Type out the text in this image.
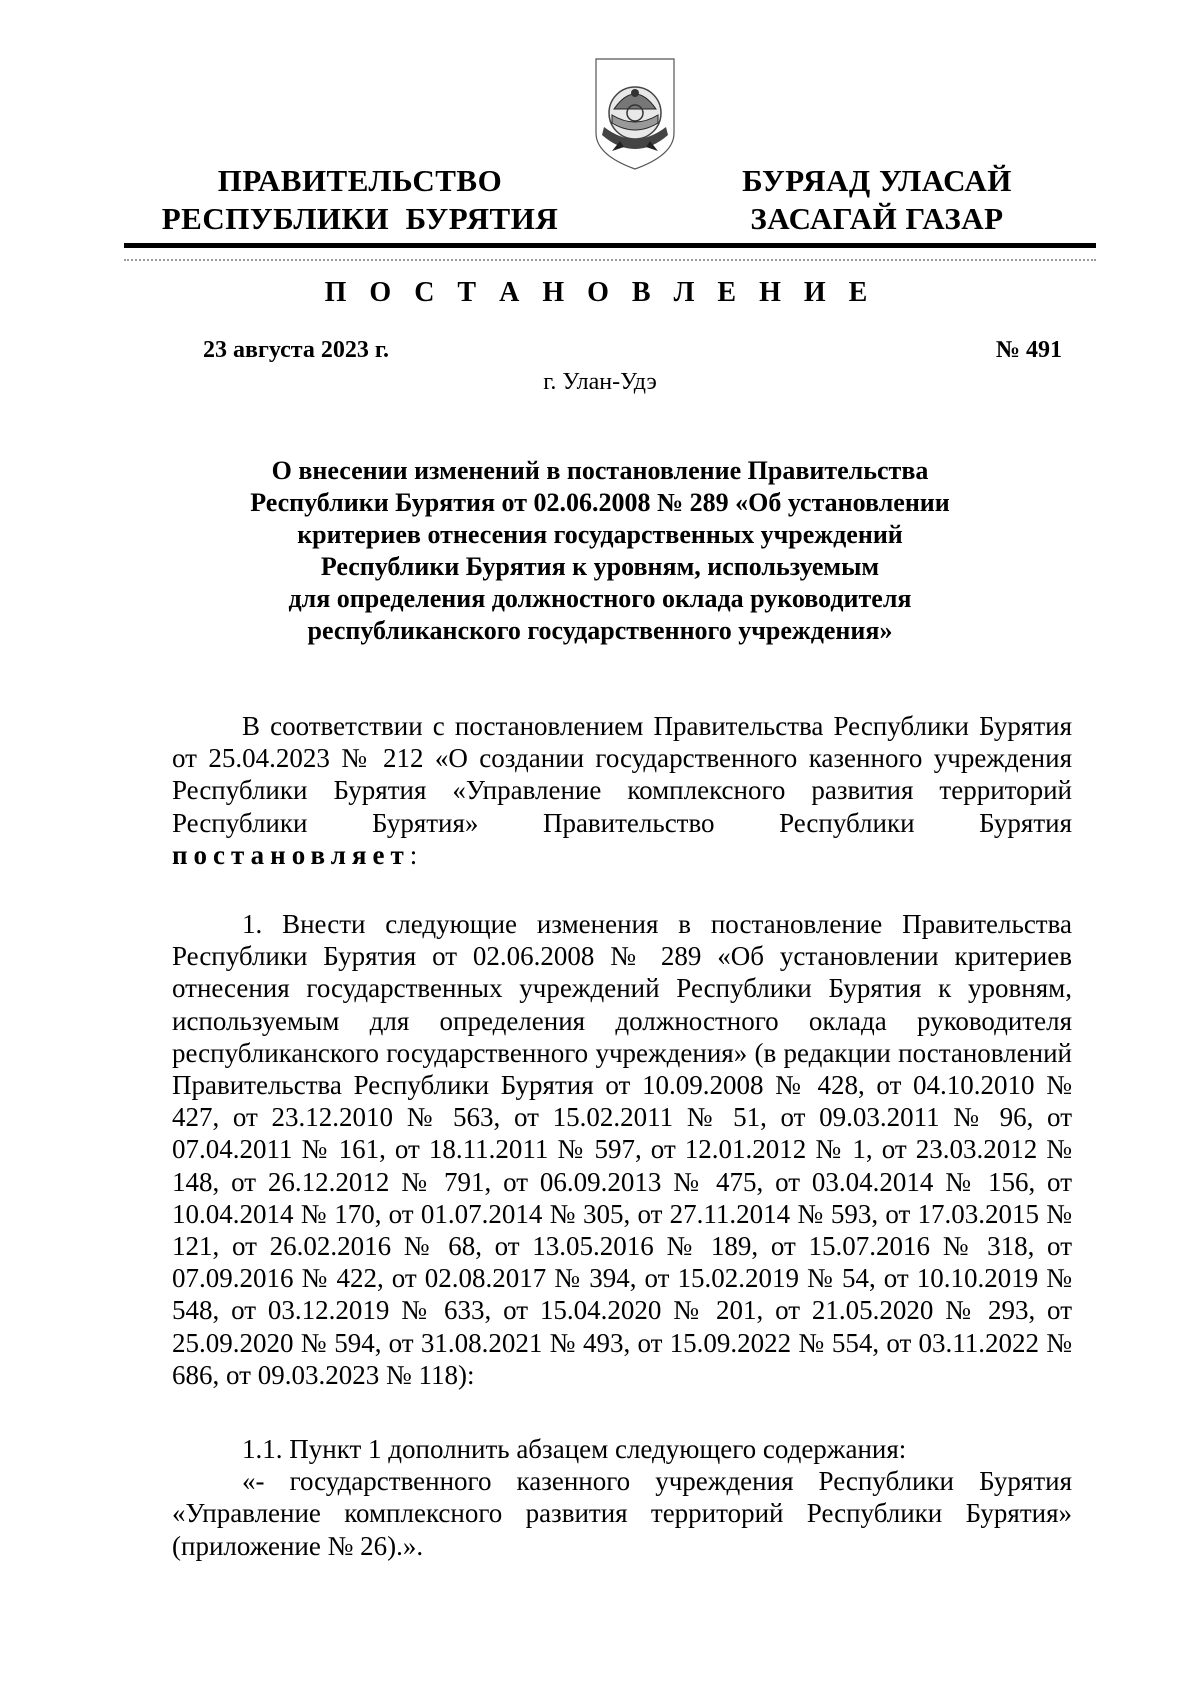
ПРАВИТЕЛЬСТВО
РЕСПУБЛИКИ  БУРЯТИЯ
БУРЯАД УЛАСАЙ
ЗАСАГАЙ ГАЗАР
П О С Т А Н О В Л Е Н И Е
23 августа 2023 г.	№ 491
г. Улан-Удэ
О внесении изменений в постановление Правительства
Республики Бурятия от 02.06.2008 № 289 «Об установлении
критериев отнесения государственных учреждений
Республики Бурятия к уровням, используемым
для определения должностного оклада руководителя
республиканского государственного учреждения»

В соответствии с постановлением Правительства Республики Бурятия от 25.04.2023 № 212 «О создании государственного казенного учреждения Республики Бурятия «Управление комплексного развития территорий Республики Бурятия» Правительство Республики Бурятия постановляет:

1. Внести следующие изменения в постановление Правительства Республики Бурятия от 02.06.2008 № 289 «Об установлении критериев отнесения государственных учреждений Республики Бурятия к уровням, используемым для определения должностного оклада руководителя республиканского государственного учреждения» (в редакции постановлений Правительства Республики Бурятия от 10.09.2008 № 428, от 04.10.2010 № 427, от 23.12.2010 № 563, от 15.02.2011 № 51, от 09.03.2011 № 96, от 07.04.2011 № 161, от 18.11.2011 № 597, от 12.01.2012 № 1, от 23.03.2012 № 148, от 26.12.2012 № 791, от 06.09.2013 № 475, от 03.04.2014 № 156, от 10.04.2014 № 170, от 01.07.2014 № 305, от 27.11.2014 № 593, от 17.03.2015 № 121, от 26.02.2016 № 68, от 13.05.2016 № 189, от 15.07.2016 № 318, от 07.09.2016 № 422, от 02.08.2017 № 394, от 15.02.2019 № 54, от 10.10.2019 № 548, от 03.12.2019 № 633, от 15.04.2020 № 201, от 21.05.2020 № 293, от 25.09.2020 № 594, от 31.08.2021 № 493, от 15.09.2022 № 554, от 03.11.2022 № 686, от 09.03.2023 № 118):

1.1. Пункт 1 дополнить абзацем следующего содержания:

«- государственного казенного учреждения Республики Бурятия «Управление комплексного развития территорий Республики Бурятия» (приложение № 26).».
